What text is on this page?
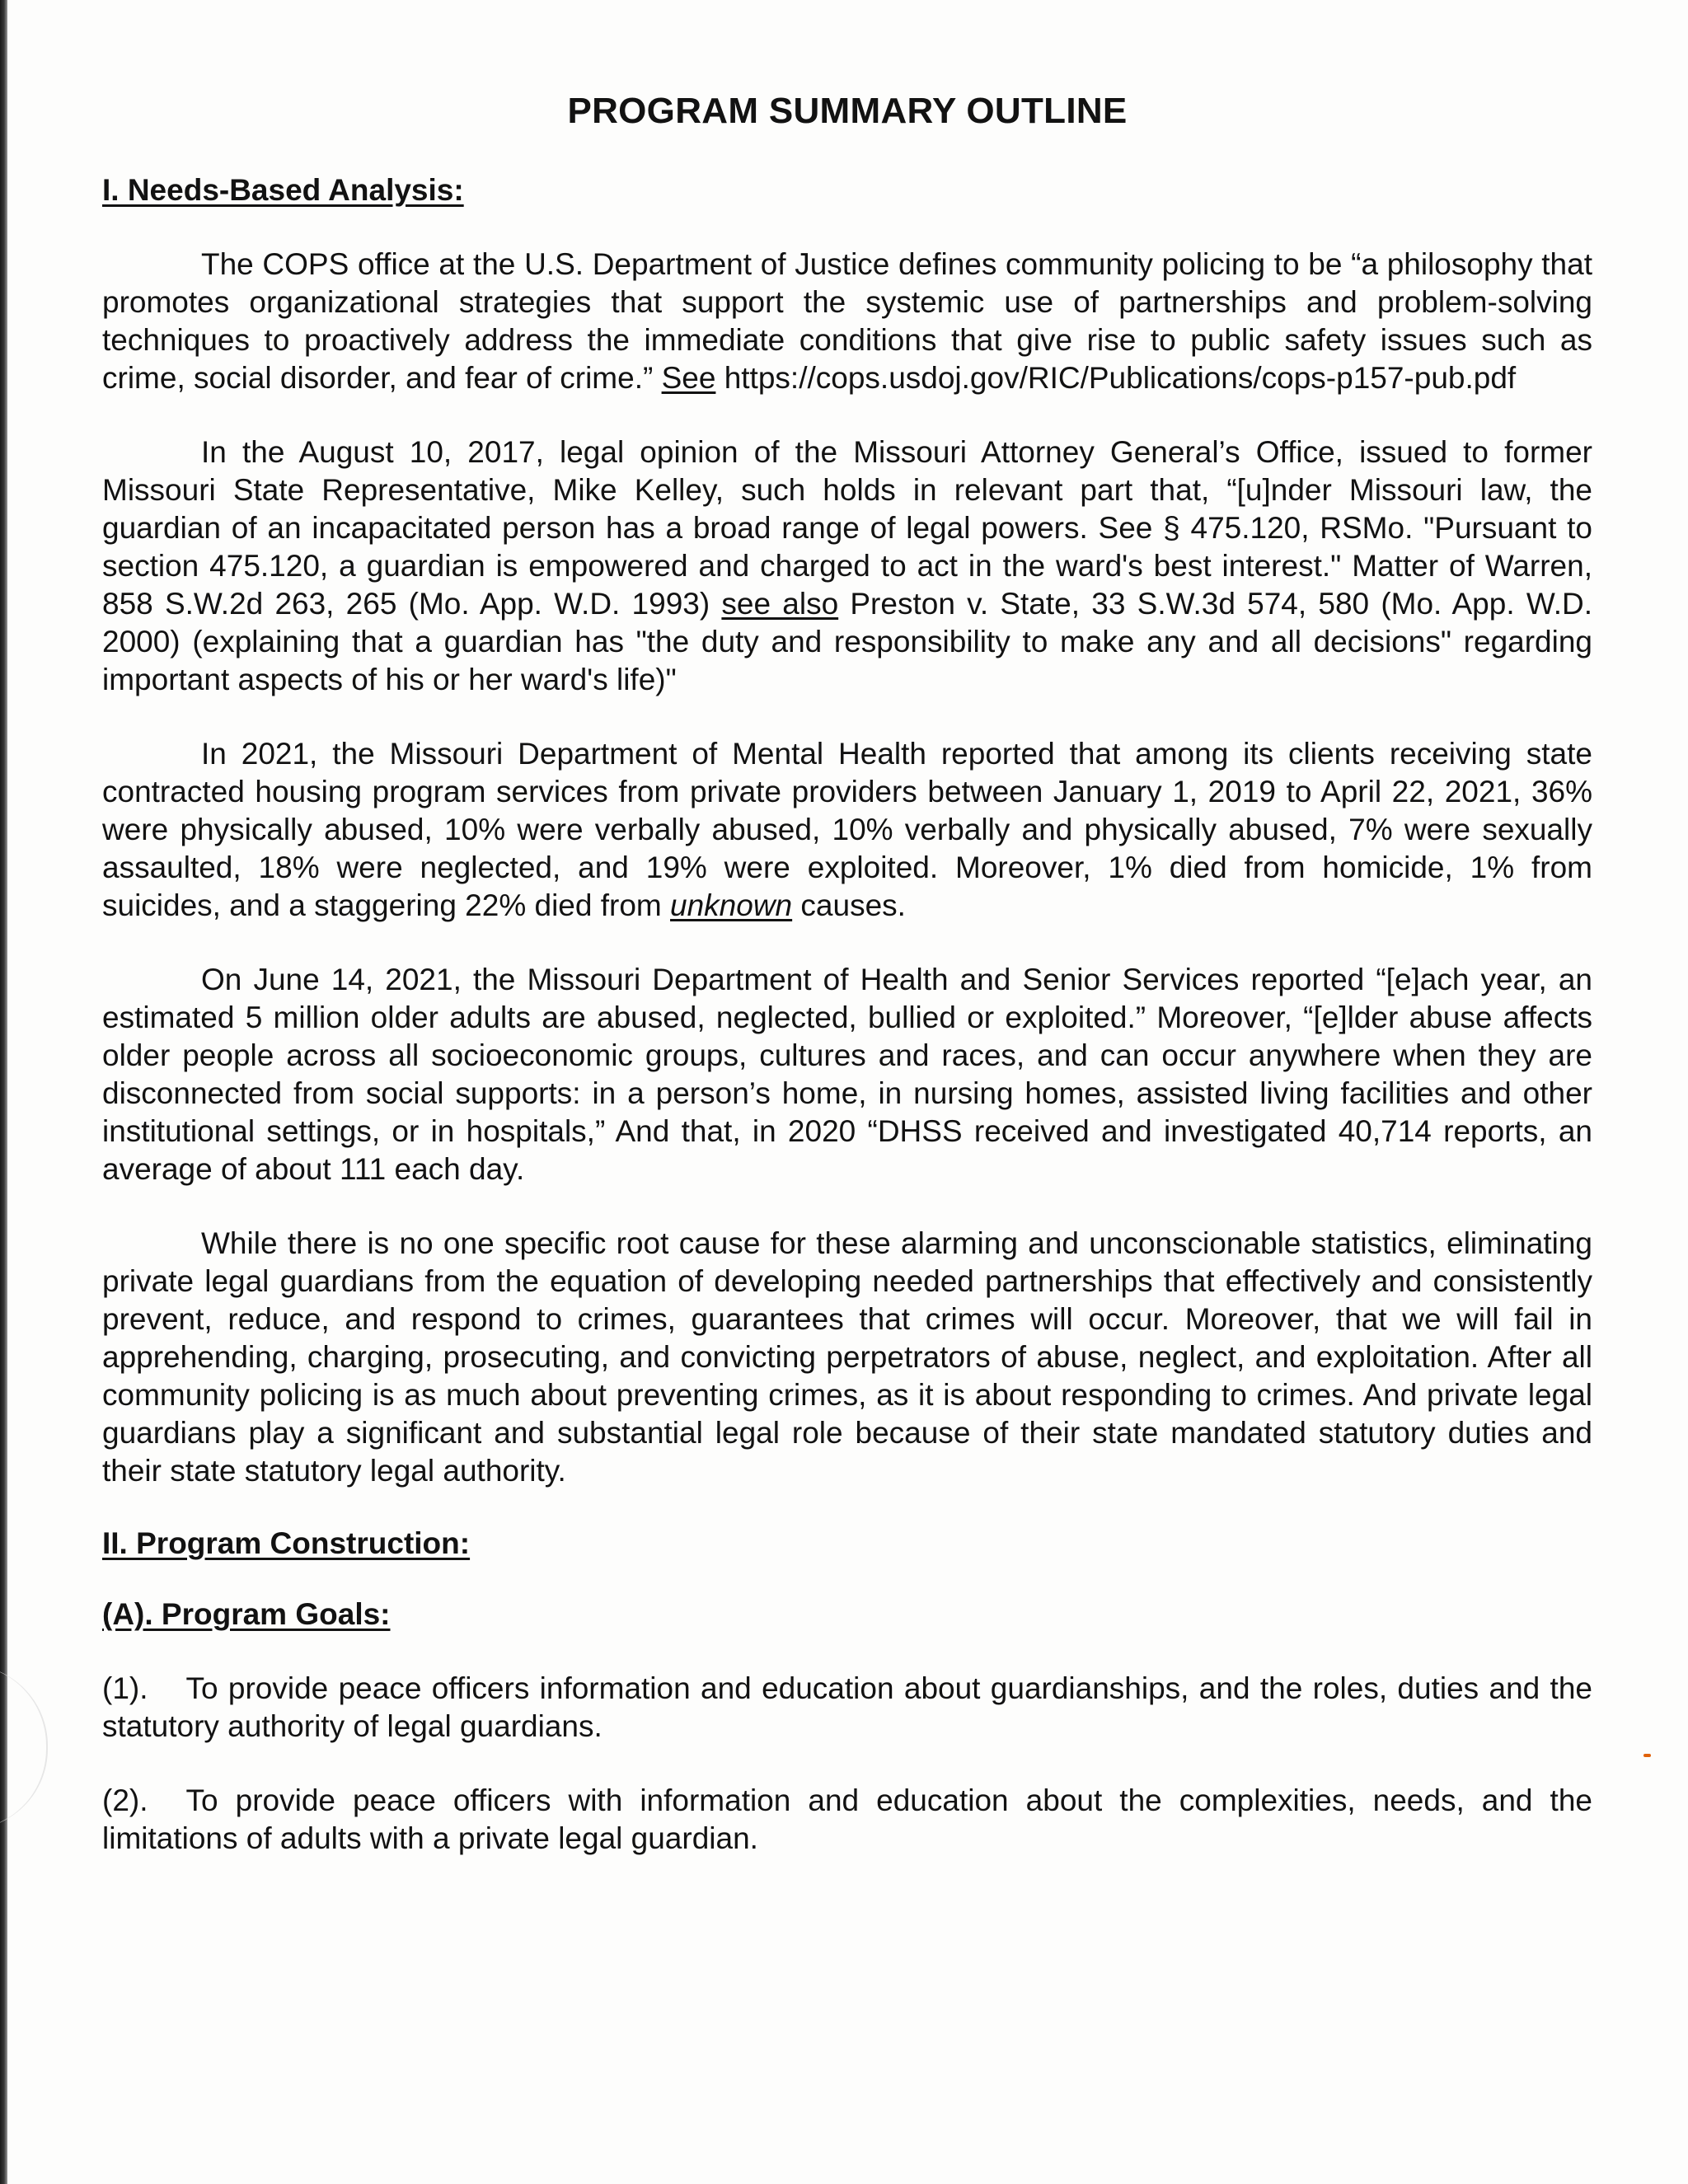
PROGRAM SUMMARY OUTLINE
I. Needs-Based Analysis:

The COPS office at the U.S. Department of Justice defines community policing to be “a philosophy that promotes organizational strategies that support the systemic use of partnerships and problem-solving techniques to proactively address the immediate conditions that give rise to public safety issues such as crime, social disorder, and fear of crime.” See https://cops.usdoj.gov/RIC/Publications/cops-p157-pub.pdf

In the August 10, 2017, legal opinion of the Missouri Attorney General’s Office, issued to former Missouri State Representative, Mike Kelley, such holds in relevant part that, “[u]nder Missouri law, the guardian of an incapacitated person has a broad range of legal powers. See § 475.120, RSMo. "Pursuant to section 475.120, a guardian is empowered and charged to act in the ward's best interest." Matter of Warren, 858 S.W.2d 263, 265 (Mo. App. W.D. 1993) see also Preston v. State, 33 S.W.3d 574, 580 (Mo. App. W.D. 2000) (explaining that a guardian has "the duty and responsibility to make any and all decisions" regarding important aspects of his or her ward's life)"

In 2021, the Missouri Department of Mental Health reported that among its clients receiving state contracted housing program services from private providers between January 1, 2019 to April 22, 2021, 36% were physically abused, 10% were verbally abused, 10% verbally and physically abused, 7% were sexually assaulted, 18% were neglected, and 19% were exploited. Moreover, 1% died from homicide, 1% from suicides, and a staggering 22% died from unknown causes.

On June 14, 2021, the Missouri Department of Health and Senior Services reported “[e]ach year, an estimated 5 million older adults are abused, neglected, bullied or exploited.” Moreover, “[e]lder abuse affects older people across all socioeconomic groups, cultures and races, and can occur anywhere when they are disconnected from social supports: in a person’s home, in nursing homes, assisted living facilities and other institutional settings, or in hospitals,” And that, in 2020 “DHSS received and investigated 40,714 reports, an average of about 111 each day.

While there is no one specific root cause for these alarming and unconscionable statistics, eliminating private legal guardians from the equation of developing needed partnerships that effectively and consistently prevent, reduce, and respond to crimes, guarantees that crimes will occur. Moreover, that we will fail in apprehending, charging, prosecuting, and convicting perpetrators of abuse, neglect, and exploitation. After all community policing is as much about preventing crimes, as it is about responding to crimes. And private legal guardians play a significant and substantial legal role because of their state mandated statutory duties and their state statutory legal authority.

II. Program Construction:
(A). Program Goals:

(1). To provide peace officers information and education about guardianships, and the roles, duties and the statutory authority of legal guardians.

(2). To provide peace officers with information and education about the complexities, needs, and the limitations of adults with a private legal guardian.
